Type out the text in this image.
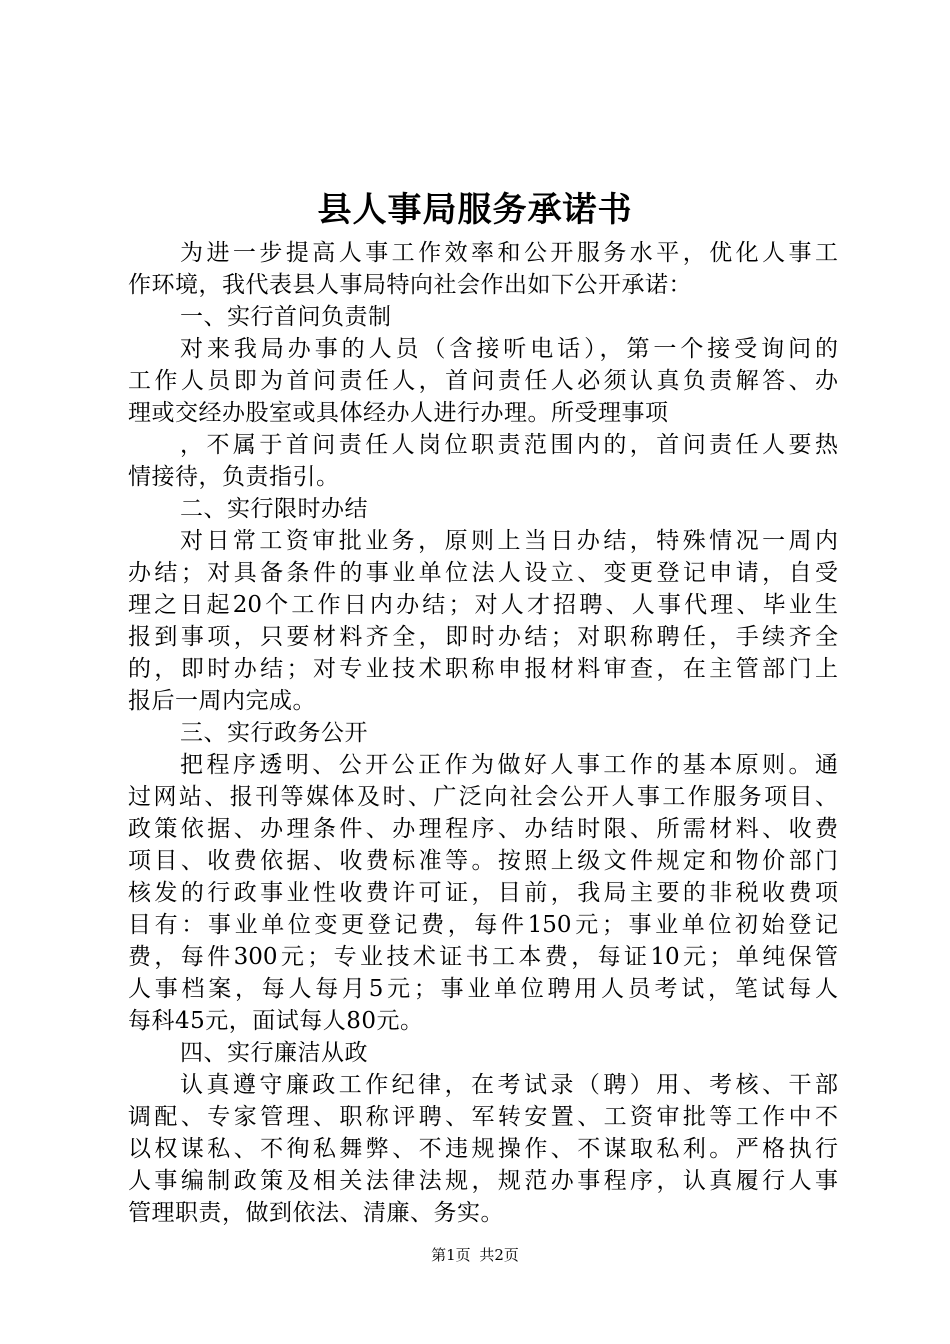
县人事局服务承诺书
为进一步提高人事工作效率和公开服务水平，优化人事工
作环境，我代表县人事局特向社会作出如下公开承诺：
一、实行首问负责制
对来我局办事的人员（含接听电话），第一个接受询问的
工作人员即为首问责任人，首问责任人必须认真负责解答、办
理或交经办股室或具体经办人进行办理。所受理事项
，不属于首问责任人岗位职责范围内的，首问责任人要热
情接待，负责指引。
二、实行限时办结
对日常工资审批业务，原则上当日办结，特殊情况一周内
办结；对具备条件的事业单位法人设立、变更登记申请，自受
理之日起20个工作日内办结；对人才招聘、人事代理、毕业生
报到事项，只要材料齐全，即时办结；对职称聘任，手续齐全
的，即时办结；对专业技术职称申报材料审查，在主管部门上
报后一周内完成。
三、实行政务公开
把程序透明、公开公正作为做好人事工作的基本原则。通
过网站、报刊等媒体及时、广泛向社会公开人事工作服务项目、
政策依据、办理条件、办理程序、办结时限、所需材料、收费
项目、收费依据、收费标准等。按照上级文件规定和物价部门
核发的行政事业性收费许可证，目前，我局主要的非税收费项
目有：事业单位变更登记费，每件150元；事业单位初始登记
费，每件300元；专业技术证书工本费，每证10元；单纯保管
人事档案，每人每月5元；事业单位聘用人员考试，笔试每人
每科45元，面试每人80元。
四、实行廉洁从政
认真遵守廉政工作纪律，在考试录（聘）用、考核、干部
调配、专家管理、职称评聘、军转安置、工资审批等工作中不
以权谋私、不徇私舞弊、不违规操作、不谋取私利。严格执行
人事编制政策及相关法律法规，规范办事程序，认真履行人事
管理职责，做到依法、清廉、务实。
第1页 共2页
